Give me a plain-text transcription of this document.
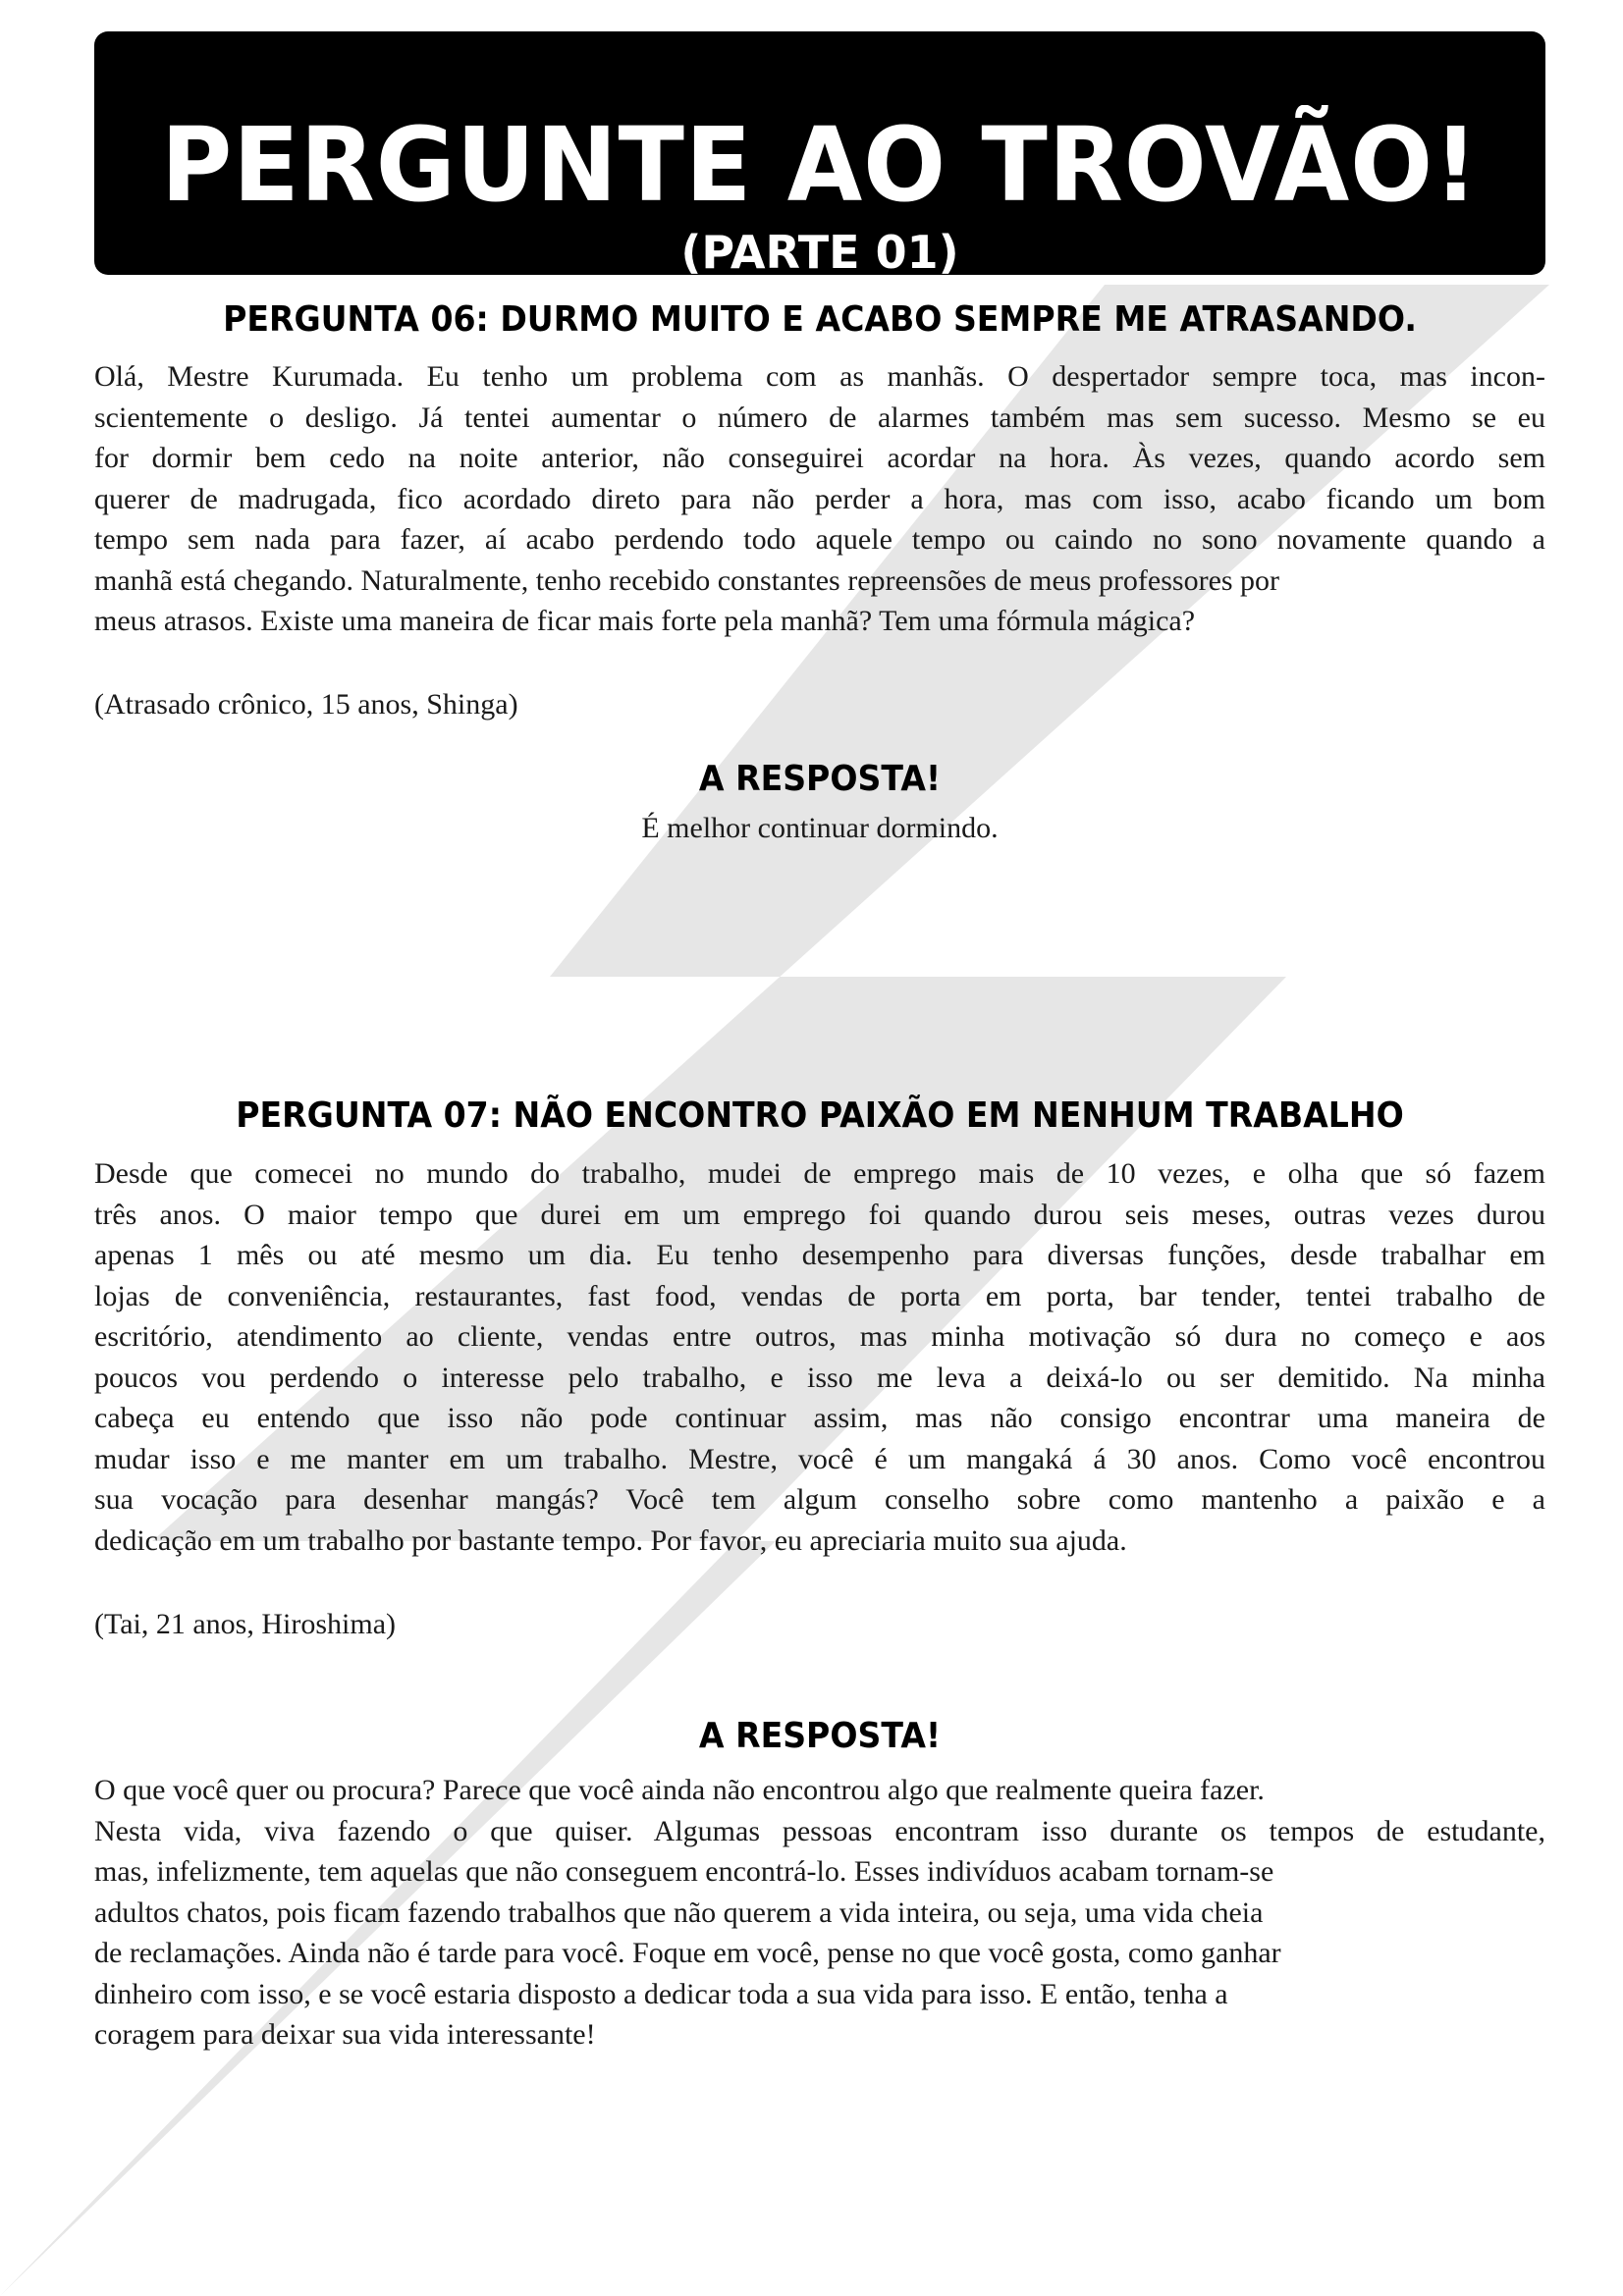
PERGUNTE AO TROVÃO!
(PARTE 01)
PERGUNTA 06: DURMO MUITO E ACABO SEMPRE ME ATRASANDO.
Olá, Mestre Kurumada. Eu tenho um problema com as manhãs. O despertador sempre toca, mas incon-
scientemente o desligo. Já tentei aumentar o número de alarmes também mas sem sucesso. Mesmo se eu
for dormir bem cedo na noite anterior, não conseguirei acordar na hora. Às vezes, quando acordo sem
querer de madrugada, fico acordado direto para não perder a hora, mas com isso, acabo ficando um bom
tempo sem nada para fazer, aí acabo perdendo todo aquele tempo ou caindo no sono novamente quando a
manhã está chegando. Naturalmente, tenho recebido constantes repreensões de meus professores por
meus atrasos. Existe uma maneira de ficar mais forte pela manhã? Tem uma fórmula mágica?
(Atrasado crônico, 15 anos, Shinga)
A RESPOSTA!
É melhor continuar dormindo.
PERGUNTA 07: NÃO ENCONTRO PAIXÃO EM NENHUM TRABALHO
Desde que comecei no mundo do trabalho, mudei de emprego mais de 10 vezes, e olha que só fazem
três anos. O maior tempo que durei em um emprego foi quando durou seis meses, outras vezes durou
apenas 1 mês ou até mesmo um dia. Eu tenho desempenho para diversas funções, desde trabalhar em
lojas de conveniência, restaurantes, fast food, vendas de porta em porta, bar tender, tentei trabalho de
escritório, atendimento ao cliente, vendas entre outros, mas minha motivação só dura no começo e aos
poucos vou perdendo o interesse pelo trabalho, e isso me leva a deixá-lo ou ser demitido. Na minha
cabeça eu entendo que isso não pode continuar assim, mas não consigo encontrar uma maneira de
mudar isso e me manter em um trabalho. Mestre, você é um mangaká á 30 anos. Como você encontrou
sua vocação para desenhar mangás? Você tem algum conselho sobre como mantenho a paixão e a
dedicação em um trabalho por bastante tempo. Por favor, eu apreciaria muito sua ajuda.
(Tai, 21 anos, Hiroshima)
A RESPOSTA!
O que você quer ou procura? Parece que você ainda não encontrou algo que realmente queira fazer.
Nesta vida, viva fazendo o que quiser. Algumas pessoas encontram isso durante os tempos de estudante,
mas, infelizmente, tem aquelas que não conseguem encontrá-lo. Esses indivíduos acabam tornam-se
adultos chatos, pois ficam fazendo trabalhos que não querem a vida inteira, ou seja, uma vida cheia
de reclamações. Ainda não é tarde para você. Foque em você, pense no que você gosta, como ganhar
dinheiro com isso, e se você estaria disposto a dedicar toda a sua vida para isso. E então, tenha a
coragem para deixar sua vida interessante!
